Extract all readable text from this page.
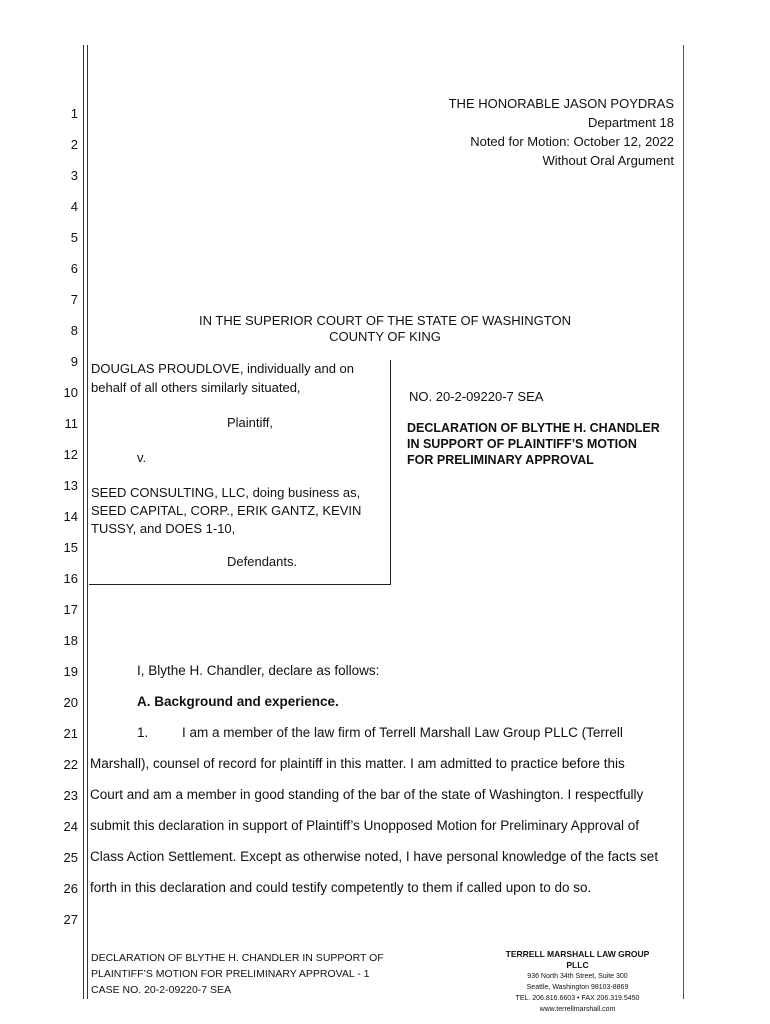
1
2
3
4
5
6
7
8
9
10
11
12
13
14
15
16
17
18
19
20
21
22
23
24
25
26
27
THE HONORABLE JASON POYDRAS
Department 18
Noted for Motion: October 12, 2022
Without Oral Argument
IN THE SUPERIOR COURT OF THE STATE OF WASHINGTON
COUNTY OF KING
DOUGLAS PROUDLOVE, individually and on
behalf of all others similarly situated,
Plaintiff,
v.
SEED CONSULTING, LLC, doing business as,
SEED CAPITAL, CORP., ERIK GANTZ, KEVIN
TUSSY, and DOES 1-10,
Defendants.
NO. 20-2-09220-7 SEA
DECLARATION OF BLYTHE H. CHANDLER
IN SUPPORT OF PLAINTIFF’S MOTION
FOR PRELIMINARY APPROVAL
I, Blythe H. Chandler, declare as follows:
A. Background and experience.
1. I am a member of the law firm of Terrell Marshall Law Group PLLC (Terrell
Marshall), counsel of record for plaintiff in this matter. I am admitted to practice before this
Court and am a member in good standing of the bar of the state of Washington. I respectfully
submit this declaration in support of Plaintiff’s Unopposed Motion for Preliminary Approval of
Class Action Settlement. Except as otherwise noted, I have personal knowledge of the facts set
forth in this declaration and could testify competently to them if called upon to do so.
DECLARATION OF BLYTHE H. CHANDLER IN SUPPORT OF
PLAINTIFF’S MOTION FOR PRELIMINARY APPROVAL - 1
CASE NO. 20-2-09220-7 SEA
TERRELL MARSHALL LAW GROUP PLLC
936 North 34th Street, Suite 300
Seattle, Washington 98103-8869
TEL. 206.816.6603 • FAX 206.319.5450
www.terrellmarshall.com
